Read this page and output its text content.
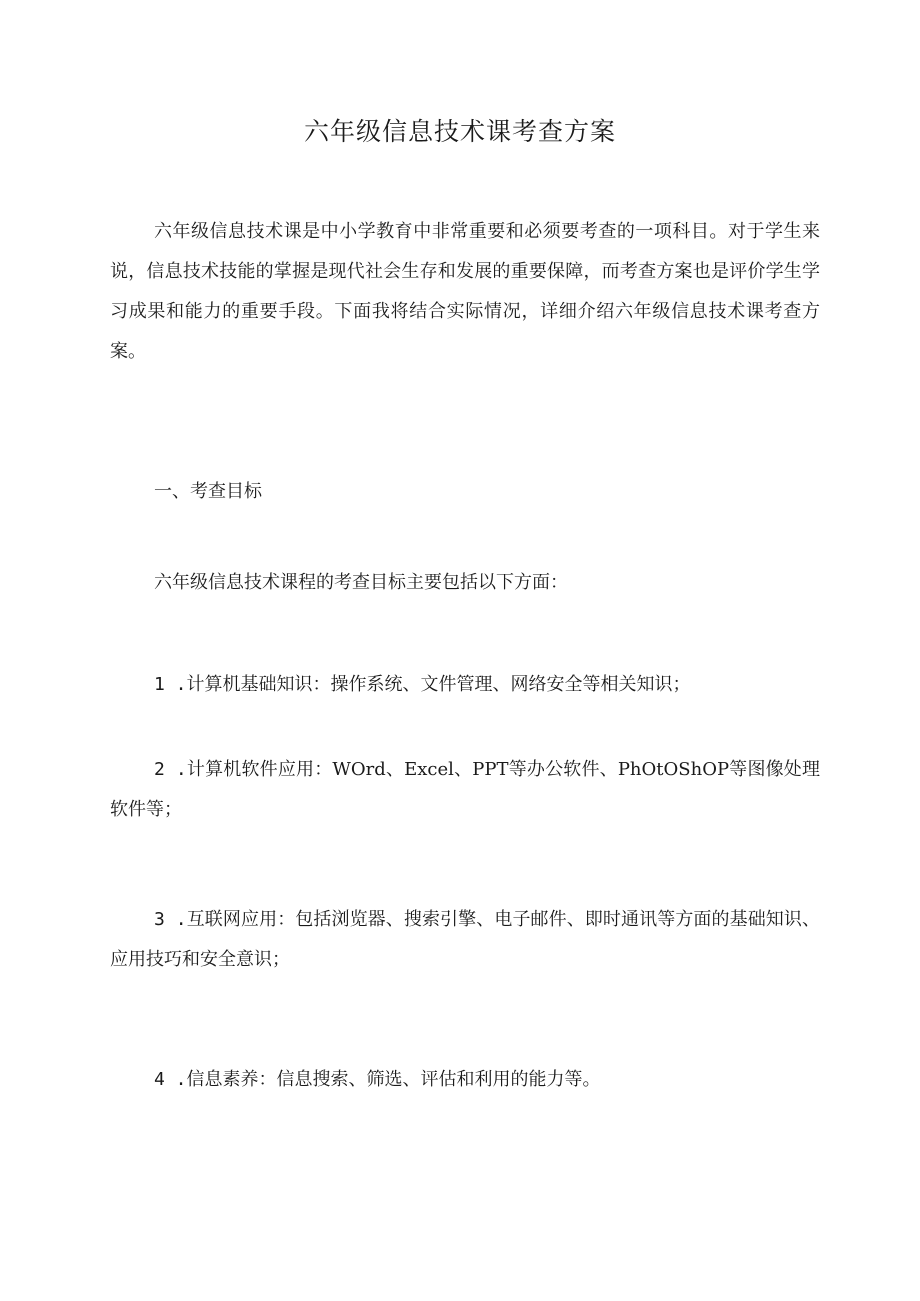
六年级信息技术课考查方案

六年级信息技术课是中小学教育中非常重要和必须要考查的一项科目。对于学生来说，信息技术技能的掌握是现代社会生存和发展的重要保障，而考查方案也是评价学生学习成果和能力的重要手段。下面我将结合实际情况，详细介绍六年级信息技术课考查方案。

一、考查目标

六年级信息技术课程的考查目标主要包括以下方面：

1 .计算机基础知识：操作系统、文件管理、网络安全等相关知识；

2 .计算机软件应用：WOrd、Excel、PPT等办公软件、PhOtOShOP等图像处理软件等；

3 .互联网应用：包括浏览器、搜索引擎、电子邮件、即时通讯等方面的基础知识、应用技巧和安全意识；

4 .信息素养：信息搜索、筛选、评估和利用的能力等。
